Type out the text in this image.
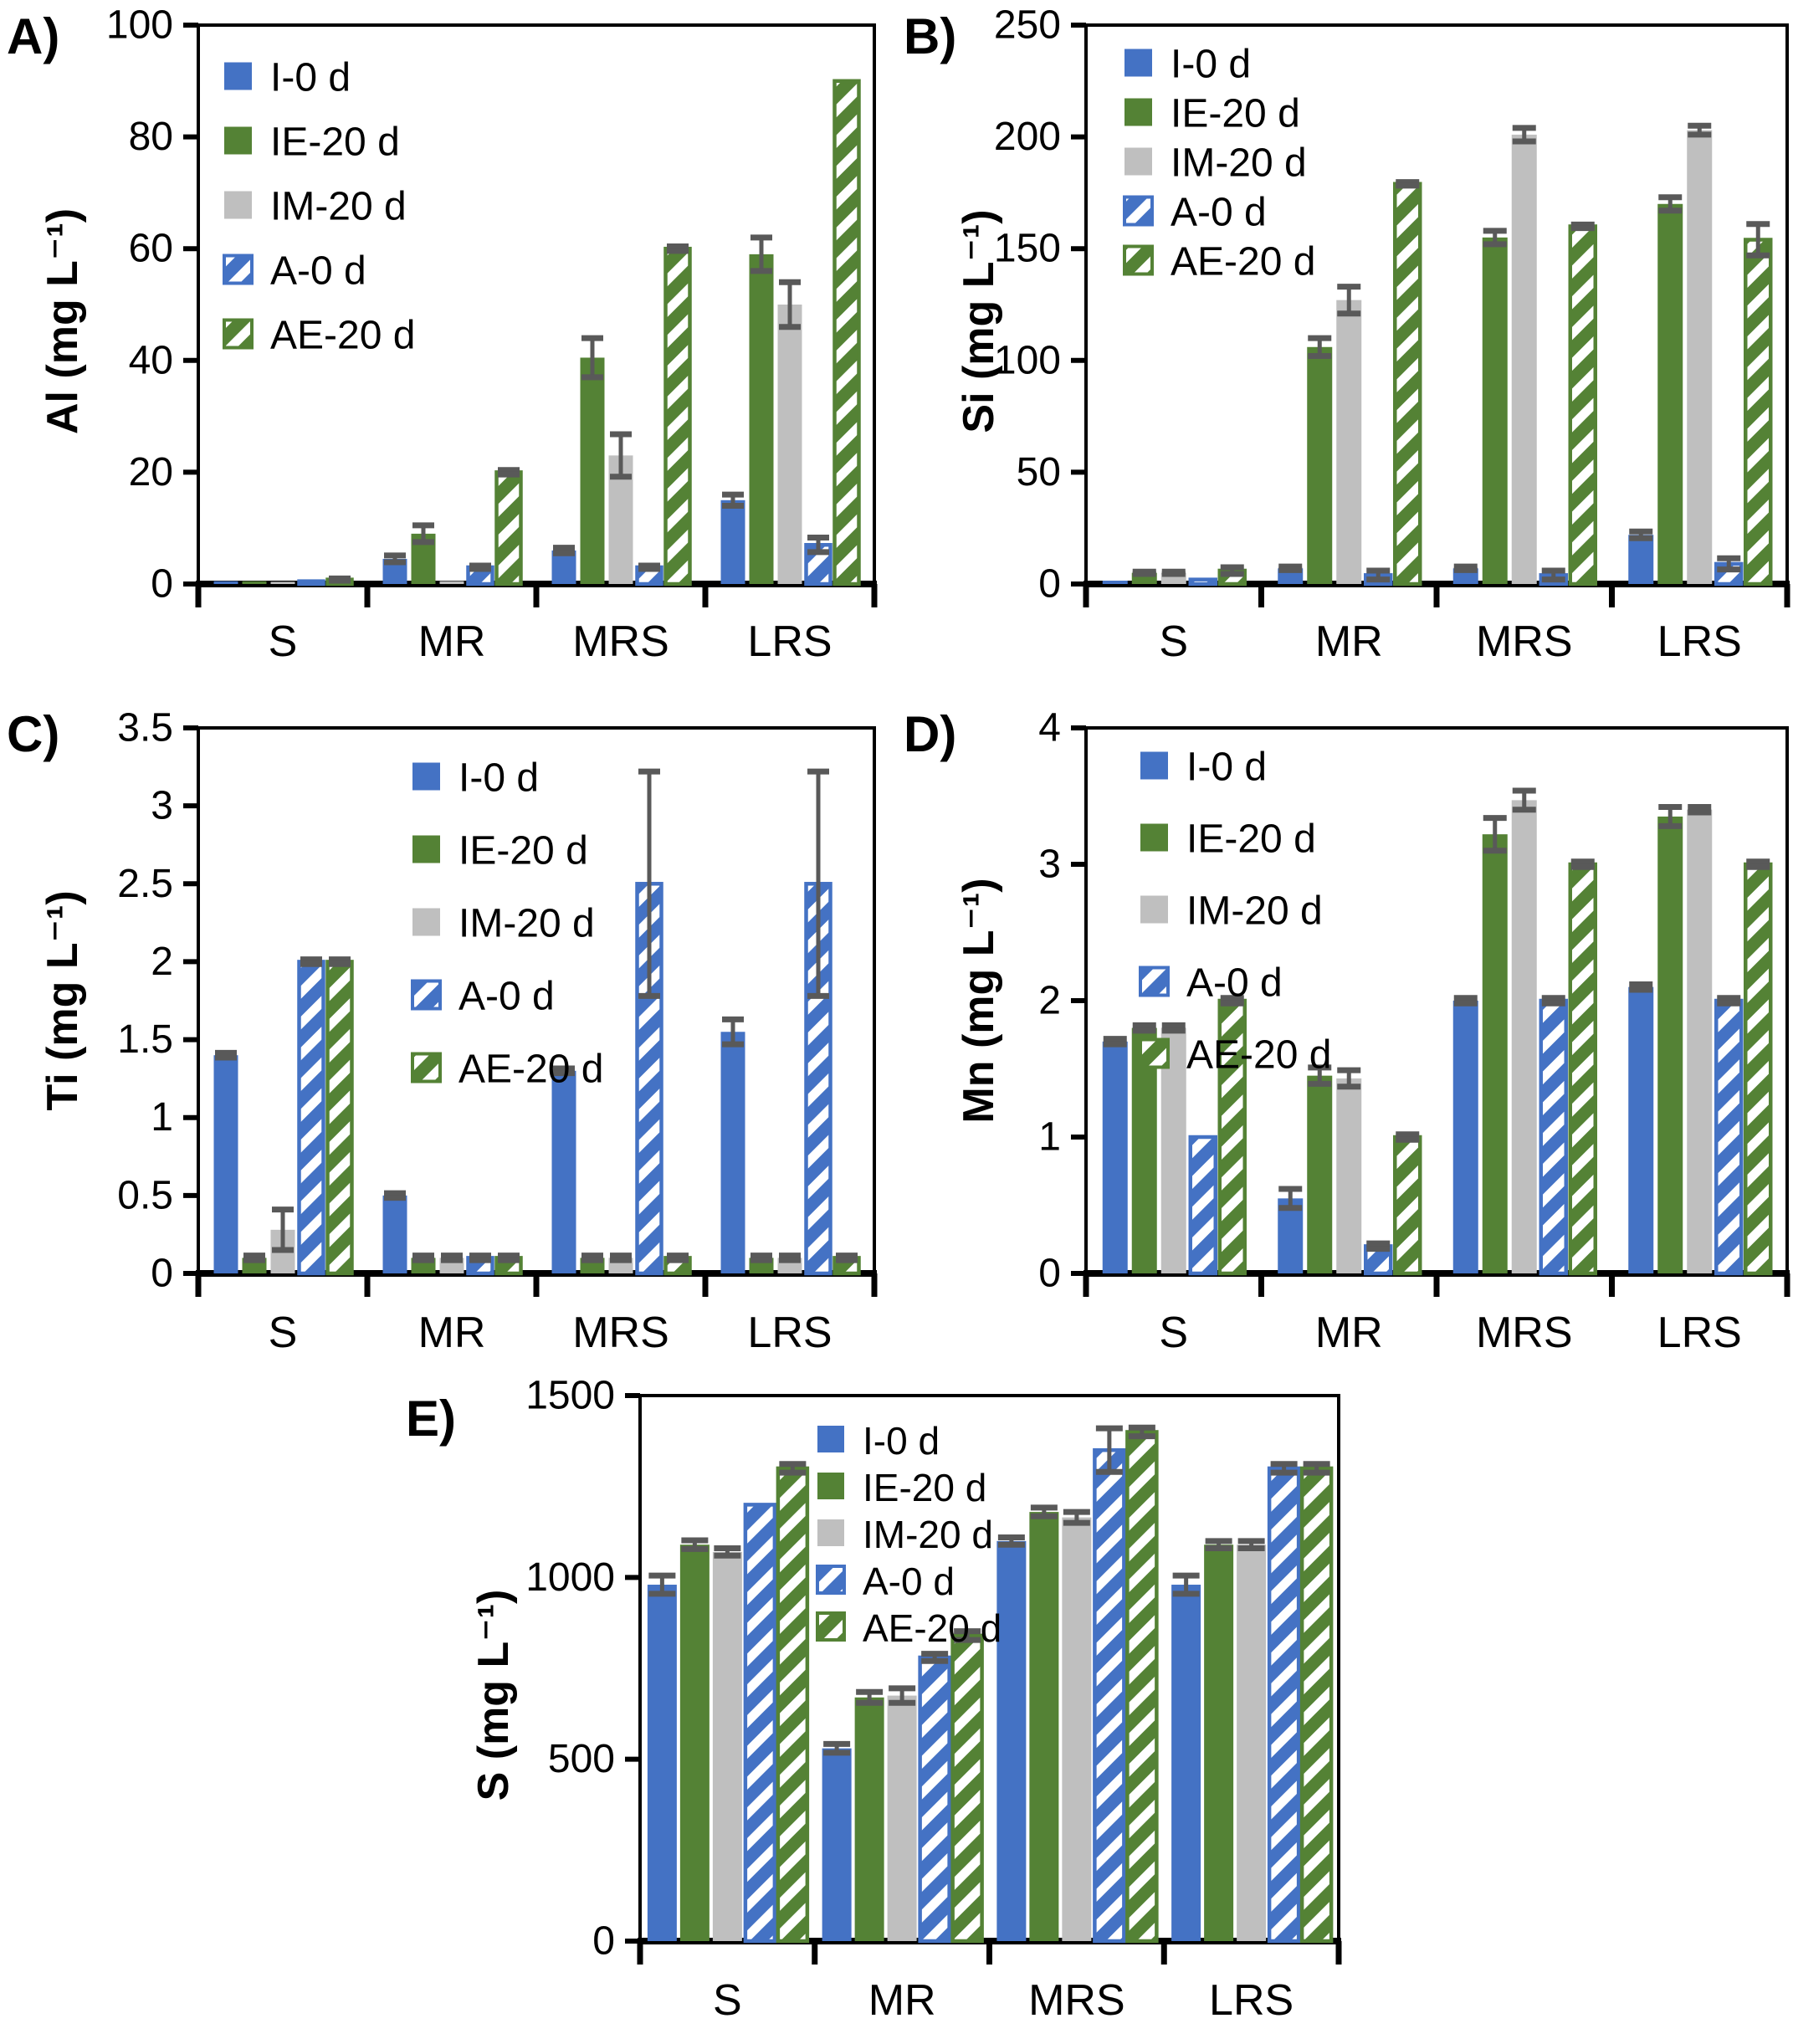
A)
Al (mg L⁻¹)
0
20
40
60
80
100
S	MR MRS LRS
I-0 d
IE-20 d
IM-20 d
A-0 d
AE-20 d
B)
Si (mg L⁻¹)
0
50
100
150
200
250
S	MR MRS LRS
I-0 d
IE-20 d
IM-20 d
A-0 d
AE-20 d
C)
Ti (mg L⁻¹)
0
0.5
1
1.5
2
2.5
3
3.5
S	MR MRS LRS
I-0 d
IE-20 d
IM-20 d
A-0 d
AE-20 d
D)
Mn (mg L⁻¹)
0
1
2
3
4
S	MR MRS LRS
I-0 d
IE-20 d
IM-20 d
A-0 d
AE-20 d
E)
S (mg L⁻¹)
0
500
1000
1500
S	MR MRS LRS
I-0 d
IE-20 d
IM-20 d
A-0 d
AE-20 d
